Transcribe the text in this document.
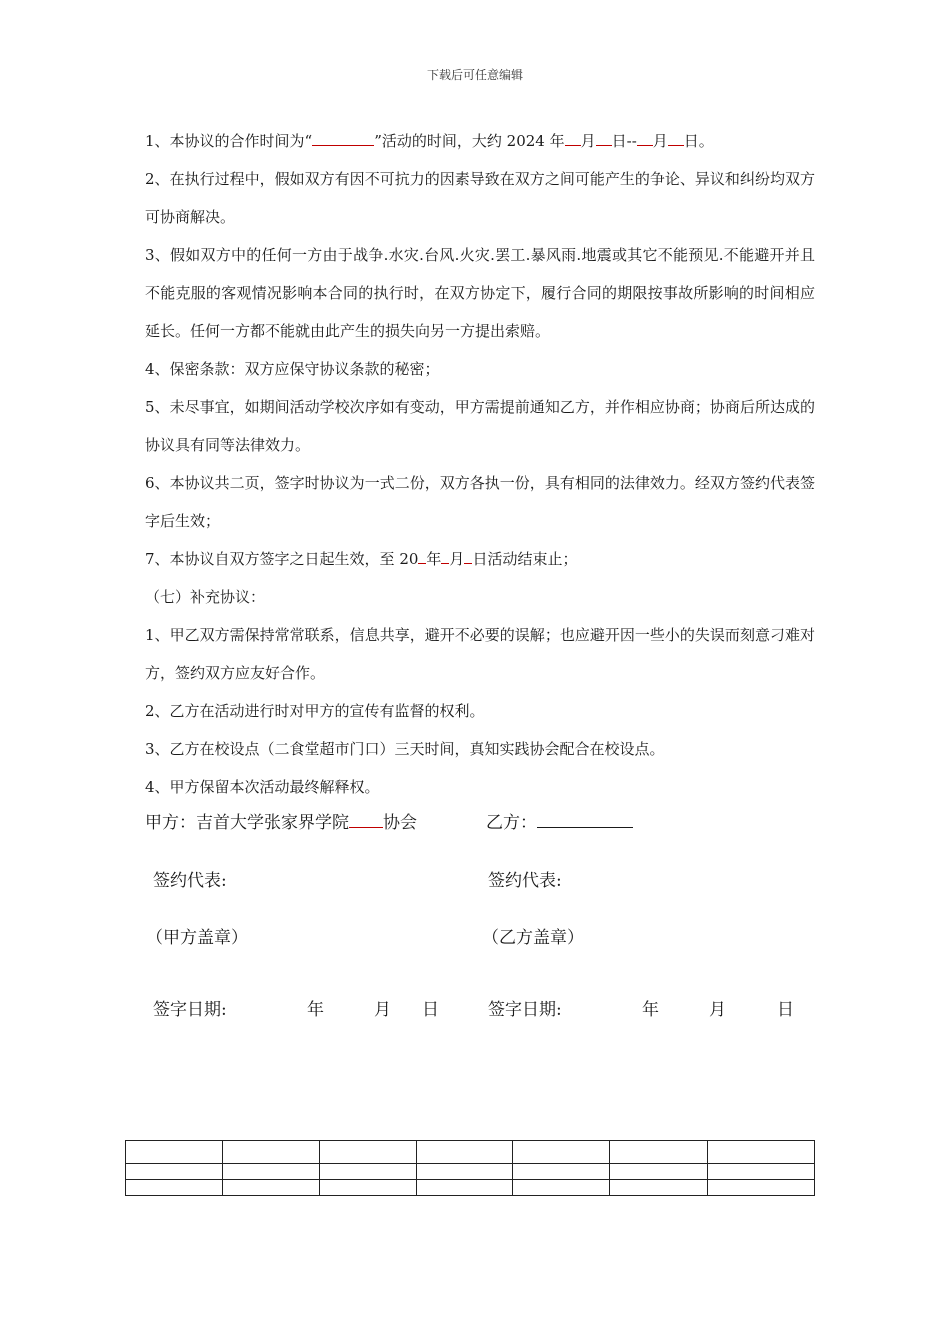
下载后可任意编辑

1、本协议的合作时间为“	”活动的时间，大约 2024 年 月 日-- 月 日。

2、在执行过程中，假如双方有因不可抗力的因素导致在双方之间可能产生的争论、异议和纠纷均双方可协商解决。

3、假如双方中的任何一方由于战争.水灾.台风.火灾.罢工.暴风雨.地震或其它不能预见.不能避开并且不能克服的客观情况影响本合同的执行时，在双方协定下，履行合同的期限按事故所影响的时间相应延长。任何一方都不能就由此产生的损失向另一方提出索赔。

4、保密条款：双方应保守协议条款的秘密；

5、未尽事宜，如期间活动学校次序如有变动，甲方需提前通知乙方，并作相应协商；协商后所达成的协议具有同等法律效力。

6、本协议共二页，签字时协议为一式二份，双方各执一份，具有相同的法律效力。经双方签约代表签字后生效；

7、本协议自双方签字之日起生效，至 20 年 月 日活动结束止；

（七）补充协议：

1、甲乙双方需保持常常联系，信息共享，避开不必要的误解；也应避开因一些小的失误而刻意刁难对方，签约双方应友好合作。

2、乙方在活动进行时对甲方的宣传有监督的权利。

3、乙方在校设点（二食堂超市门口）三天时间，真知实践协会配合在校设点。

4、甲方保留本次活动最终解释权。

甲方：吉首大学张家界学院 协会	乙方：
签约代表:	签约代表:
（甲方盖章）	（乙方盖章）
签字日期:	年	月 日	签字日期:	年	月	日
